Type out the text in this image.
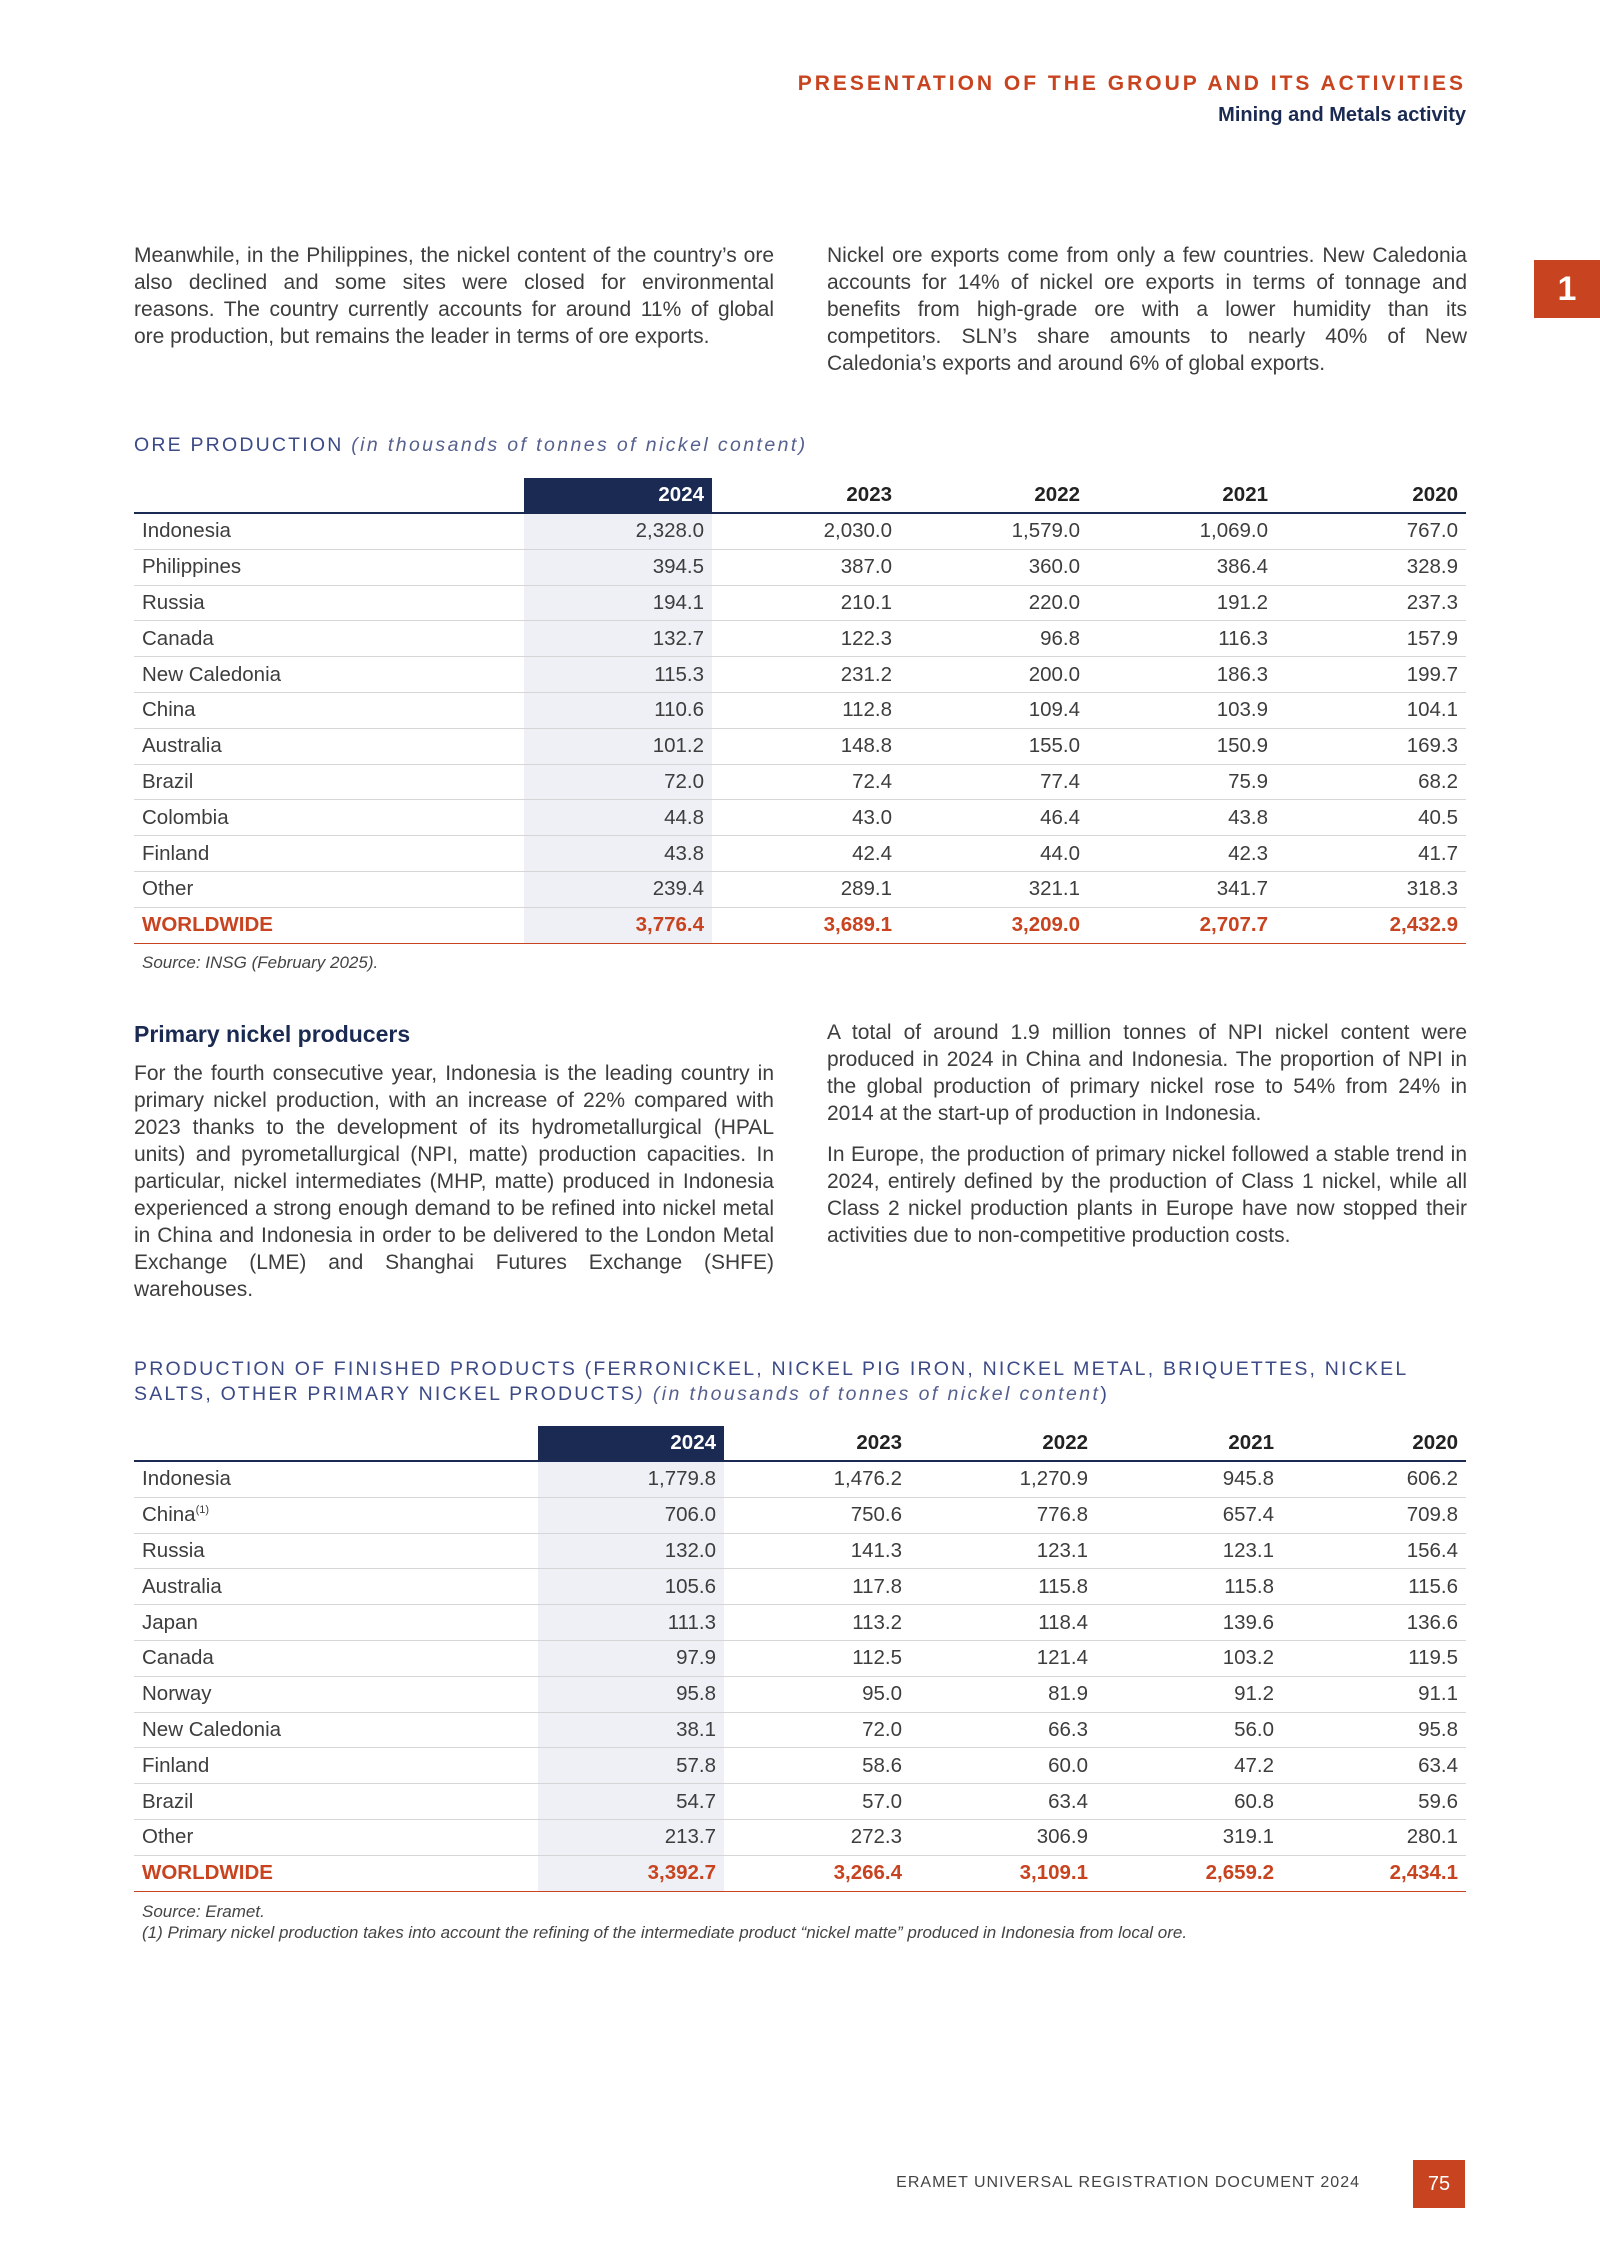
PRESENTATION OF THE GROUP AND ITS ACTIVITIES
Mining and Metals activity
1

Meanwhile, in the Philippines, the nickel content of the country’s ore also declined and some sites were closed for environmental reasons. The country currently accounts for around 11% of global ore production, but remains the leader in terms of ore exports.

Nickel ore exports come from only a few countries. New Caledonia accounts for 14% of nickel ore exports in terms of tonnage and benefits from high-grade ore with a lower humidity than its competitors. SLN’s share amounts to nearly 40% of New Caledonia’s exports and around 6% of global exports.

ORE PRODUCTION (in thousands of tonnes of nickel content)
	2024	2023	2022	2021	2020
Indonesia	2,328.0	2,030.0	1,579.0	1,069.0	767.0
Philippines	394.5	387.0	360.0	386.4	328.9
Russia	194.1	210.1	220.0	191.2	237.3
Canada	132.7	122.3	96.8	116.3	157.9
New Caledonia	115.3	231.2	200.0	186.3	199.7
China	110.6	112.8	109.4	103.9	104.1
Australia	101.2	148.8	155.0	150.9	169.3
Brazil	72.0	72.4	77.4	75.9	68.2
Colombia	44.8	43.0	46.4	43.8	40.5
Finland	43.8	42.4	44.0	42.3	41.7
Other	239.4	289.1	321.1	341.7	318.3
WORLDWIDE	3,776.4	3,689.1	3,209.0	2,707.7	2,432.9
Source: INSG (February 2025).
Primary nickel producers

For the fourth consecutive year, Indonesia is the leading country in primary nickel production, with an increase of 22% compared with 2023 thanks to the development of its hydrometallurgical (HPAL units) and pyrometallurgical (NPI, matte) production capacities. In particular, nickel intermediates (MHP, matte) produced in Indonesia experienced a strong enough demand to be refined into nickel metal in China and Indonesia in order to be delivered to the London Metal Exchange (LME) and Shanghai Futures Exchange (SHFE) warehouses.

A total of around 1.9 million tonnes of NPI nickel content were produced in 2024 in China and Indonesia. The proportion of NPI in the global production of primary nickel rose to 54% from 24% in 2014 at the start-up of production in Indonesia.

In Europe, the production of primary nickel followed a stable trend in 2024, entirely defined by the production of Class 1 nickel, while all Class 2 nickel production plants in Europe have now stopped their activities due to non-competitive production costs.

PRODUCTION OF FINISHED PRODUCTS (FERRONICKEL, NICKEL PIG IRON, NICKEL METAL, BRIQUETTES, NICKEL SALTS, OTHER PRIMARY NICKEL PRODUCTS) (in thousands of tonnes of nickel content)
	2024	2023	2022	2021	2020
Indonesia	1,779.8	1,476.2	1,270.9	945.8	606.2
China$^{(1)}$	706.0	750.6	776.8	657.4	709.8
Russia	132.0	141.3	123.1	123.1	156.4
Australia	105.6	117.8	115.8	115.8	115.6
Japan	111.3	113.2	118.4	139.6	136.6
Canada	97.9	112.5	121.4	103.2	119.5
Norway	95.8	95.0	81.9	91.2	91.1
New Caledonia	38.1	72.0	66.3	56.0	95.8
Finland	57.8	58.6	60.0	47.2	63.4
Brazil	54.7	57.0	63.4	60.8	59.6
Other	213.7	272.3	306.9	319.1	280.1
WORLDWIDE	3,392.7	3,266.4	3,109.1	2,659.2	2,434.1
Source: Eramet.
(1) Primary nickel production takes into account the refining of the intermediate product “nickel matte” produced in Indonesia from local ore.
ERAMET UNIVERSAL REGISTRATION DOCUMENT 2024	75
